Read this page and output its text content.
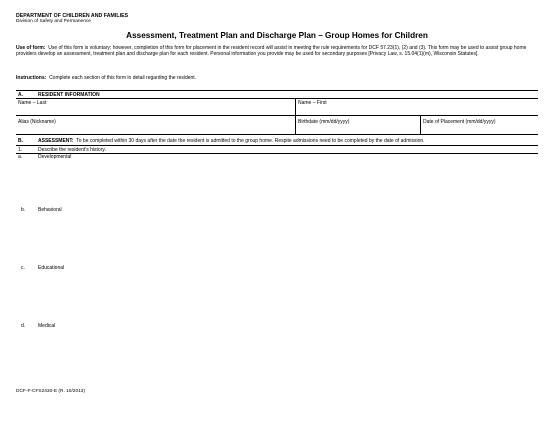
DEPARTMENT OF CHILDREN AND FAMILIES
Division of Safety and Permanence
Assessment, Treatment Plan and Discharge Plan – Group Homes for Children
Use of form: Use of this form is voluntary; however, completion of this form for placement in the resident record will assist in meeting the rule requirements for DCF 57.23(1), (2) and (3). This form may be used to assist group home providers develop an assessment, treatment plan and discharge plan for each resident. Personal information you provide may be used for secondary purposes [Privacy Law, s. 15.04(1)(m), Wisconsin Statutes].
Instructions: Complete each section of this form in detail regarding the resident.
A.	RESIDENT INFORMATION
Name – Last	Name – First
Alias (Nickname)	Birthdate (mm/dd/yyyy)	Date of Placement (mm/dd/yyyy)
B.	ASSESSMENT: To be completed within 30 days after the date the resident is admitted to the group home. Respite admissions need to be completed by the date of admission.
1.	Describe the resident’s history.
a.	Developmental
b.	Behavioral
c.	Educational
d.	Medical
DCF-F-CFS2430-E (R. 10/2013)
